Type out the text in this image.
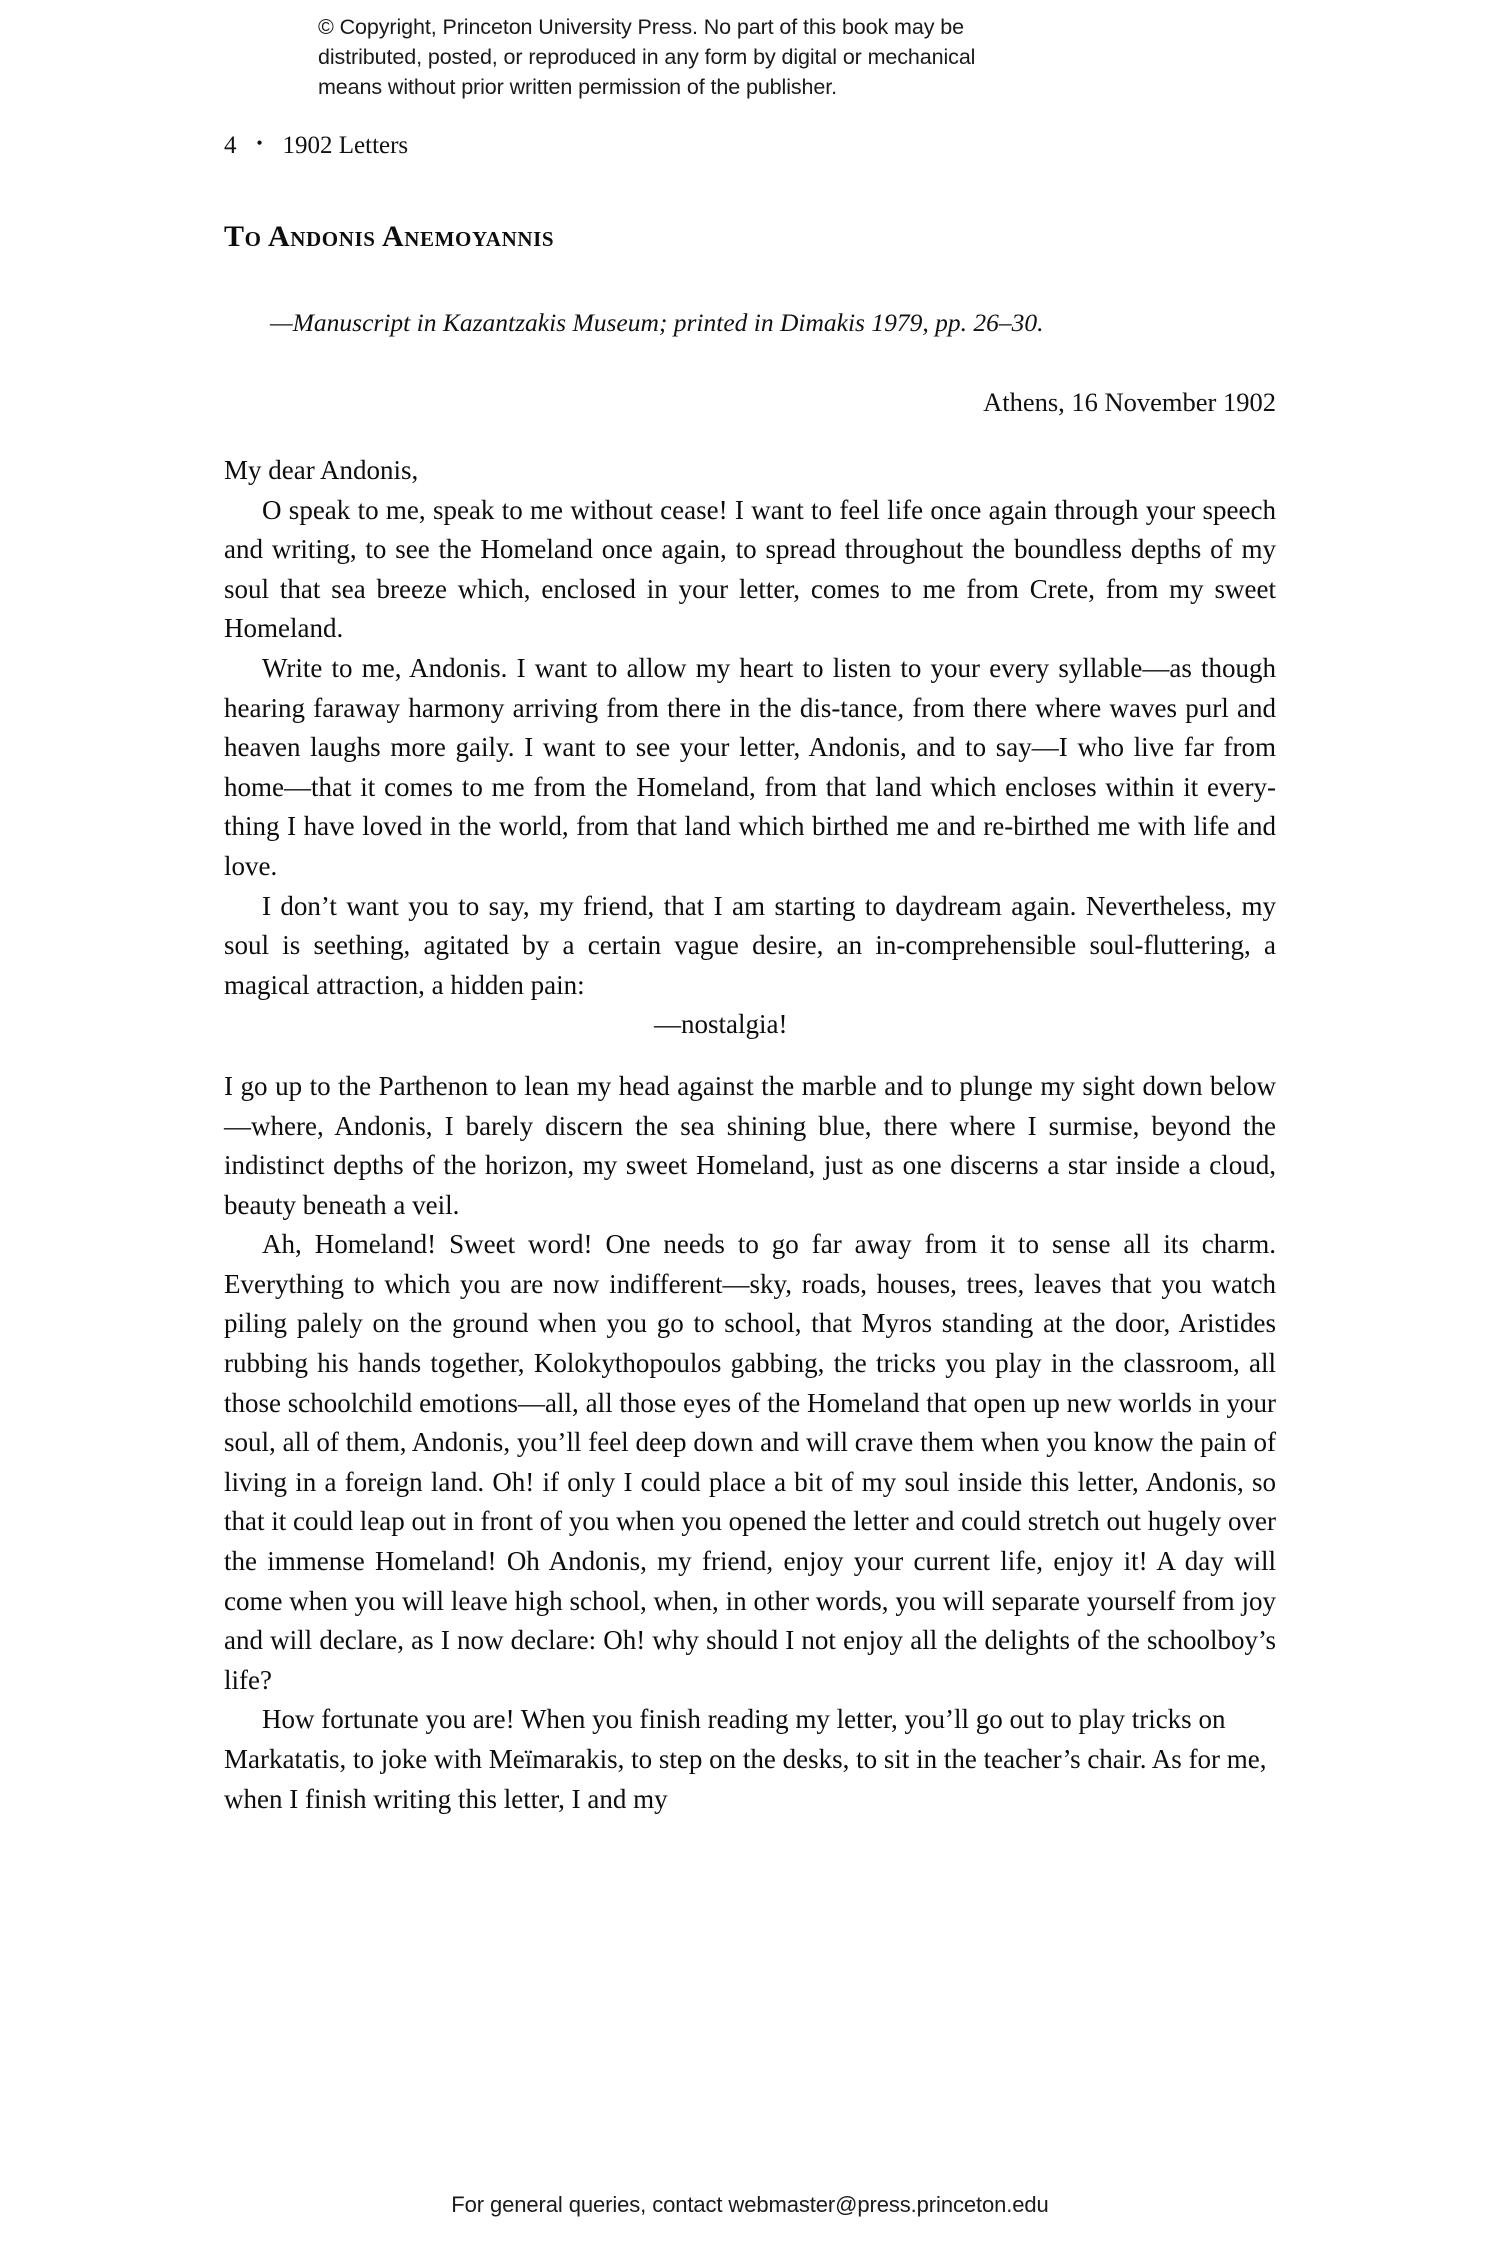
© Copyright, Princeton University Press. No part of this book may be
distributed, posted, or reproduced in any form by digital or mechanical
means without prior written permission of the publisher.
4 • 1902 Letters
To Andonis Anemoyannis
—Manuscript in Kazantzakis Museum; printed in Dimakis 1979, pp. 26–30.
Athens, 16 November 1902
My dear Andonis,

O speak to me, speak to me without cease! I want to feel life once again through your speech and writing, to see the Homeland once again, to spread throughout the boundless depths of my soul that sea breeze which, enclosed in your letter, comes to me from Crete, from my sweet Homeland.

Write to me, Andonis. I want to allow my heart to listen to your every syllable—as though hearing faraway harmony arriving from there in the dis-tance, from there where waves purl and heaven laughs more gaily. I want to see your letter, Andonis, and to say—I who live far from home—that it comes to me from the Homeland, from that land which encloses within it every-thing I have loved in the world, from that land which birthed me and re-birthed me with life and love.

I don’t want you to say, my friend, that I am starting to daydream again. Nevertheless, my soul is seething, agitated by a certain vague desire, an in-comprehensible soul-fluttering, a magical attraction, a hidden pain:

—nostalgia!

I go up to the Parthenon to lean my head against the marble and to plunge my sight down below—where, Andonis, I barely discern the sea shining blue, there where I surmise, beyond the indistinct depths of the horizon, my sweet Homeland, just as one discerns a star inside a cloud, beauty beneath a veil.

Ah, Homeland! Sweet word! One needs to go far away from it to sense all its charm. Everything to which you are now indifferent—sky, roads, houses, trees, leaves that you watch piling palely on the ground when you go to school, that Myros standing at the door, Aristides rubbing his hands together, Kolokythopoulos gabbing, the tricks you play in the classroom, all those schoolchild emotions—all, all those eyes of the Homeland that open up new worlds in your soul, all of them, Andonis, you’ll feel deep down and will crave them when you know the pain of living in a foreign land. Oh! if only I could place a bit of my soul inside this letter, Andonis, so that it could leap out in front of you when you opened the letter and could stretch out hugely over the immense Homeland! Oh Andonis, my friend, enjoy your current life, enjoy it! A day will come when you will leave high school, when, in other words, you will separate yourself from joy and will declare, as I now declare: Oh! why should I not enjoy all the delights of the schoolboy’s life?

How fortunate you are! When you finish reading my letter, you’ll go out to play tricks on Markatatis, to joke with Meïmarakis, to step on the desks, to sit in the teacher’s chair. As for me, when I finish writing this letter, I and my

For general queries, contact webmaster@press.princeton.edu
